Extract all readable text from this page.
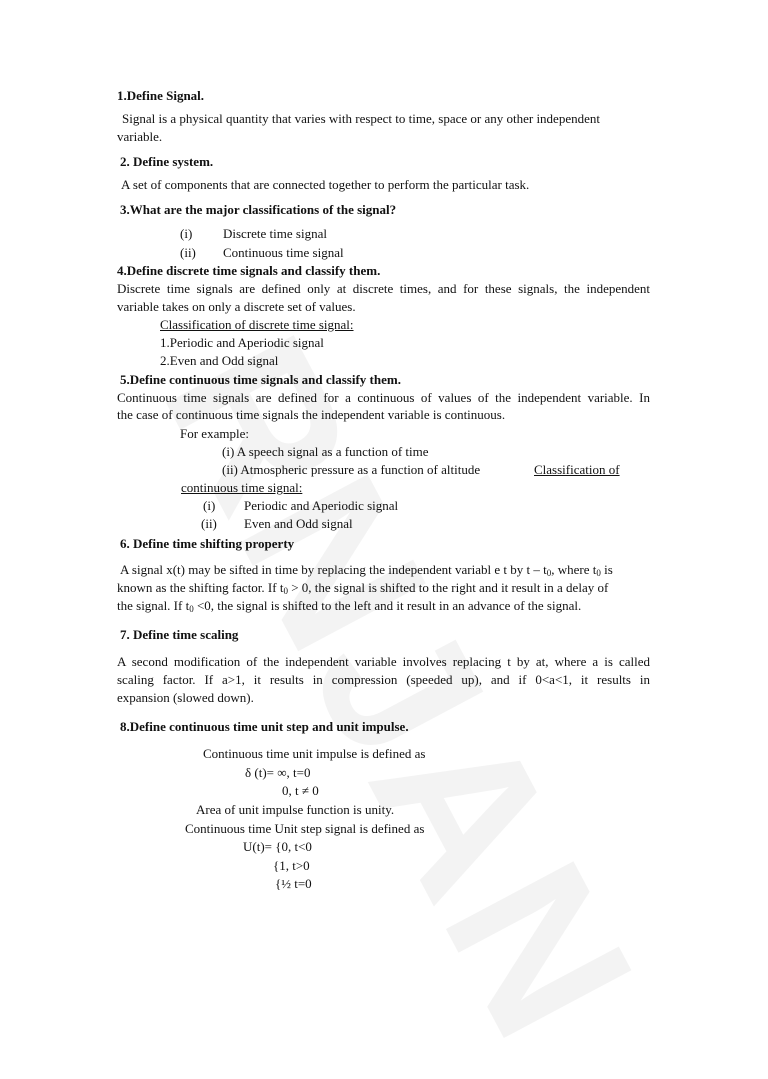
1.Define Signal.
Signal is a physical quantity that varies with respect to time, space or any other independent
variable.
2. Define system.
A set of components that are connected together to perform the particular task.
3.What are the major classifications of the signal?
(i) Discrete time signal
(ii) Continuous time signal
4.Define discrete time signals and classify them.
Discrete time signals are defined only at discrete times, and for these signals, the independent
variable takes on only a discrete set of values.
Classification of discrete time signal:
1.Periodic and Aperiodic signal
2.Even and Odd signal
5.Define continuous time signals and classify them.
Continuous time signals are defined for a continuous of values of the independent variable. In
the case of continuous time signals the independent variable is continuous.
For example:
(i) A speech signal as a function of time
(ii) Atmospheric pressure as a function of altitude	Classification of
continuous time signal:
(i) Periodic and Aperiodic signal
(ii) Even and Odd signal
6. Define time shifting property
A signal x(t) may be sifted in time by replacing the independent variabl e t by t – $t_0$, where $t_0$ is
known as the shifting factor. If $t_0 > 0$, the signal is shifted to the right and it result in a delay of
the signal. If $t_0 <0$, the signal is shifted to the left and it result in an advance of the signal.
7. Define time scaling
A second modification of the independent variable involves replacing t by at, where a is called
scaling factor. If a>1, it results in compression (speeded up), and if 0<a<1, it results in
expansion (slowed down).
8.Define continuous time unit step and unit impulse.
Continuous time unit impulse is defined as
δ (t)= ∞, t=0
0, t ≠ 0
Area of unit impulse function is unity.
Continuous time Unit step signal is defined as
U(t)= {0, t<0
{1, t>0
{½ t=0
